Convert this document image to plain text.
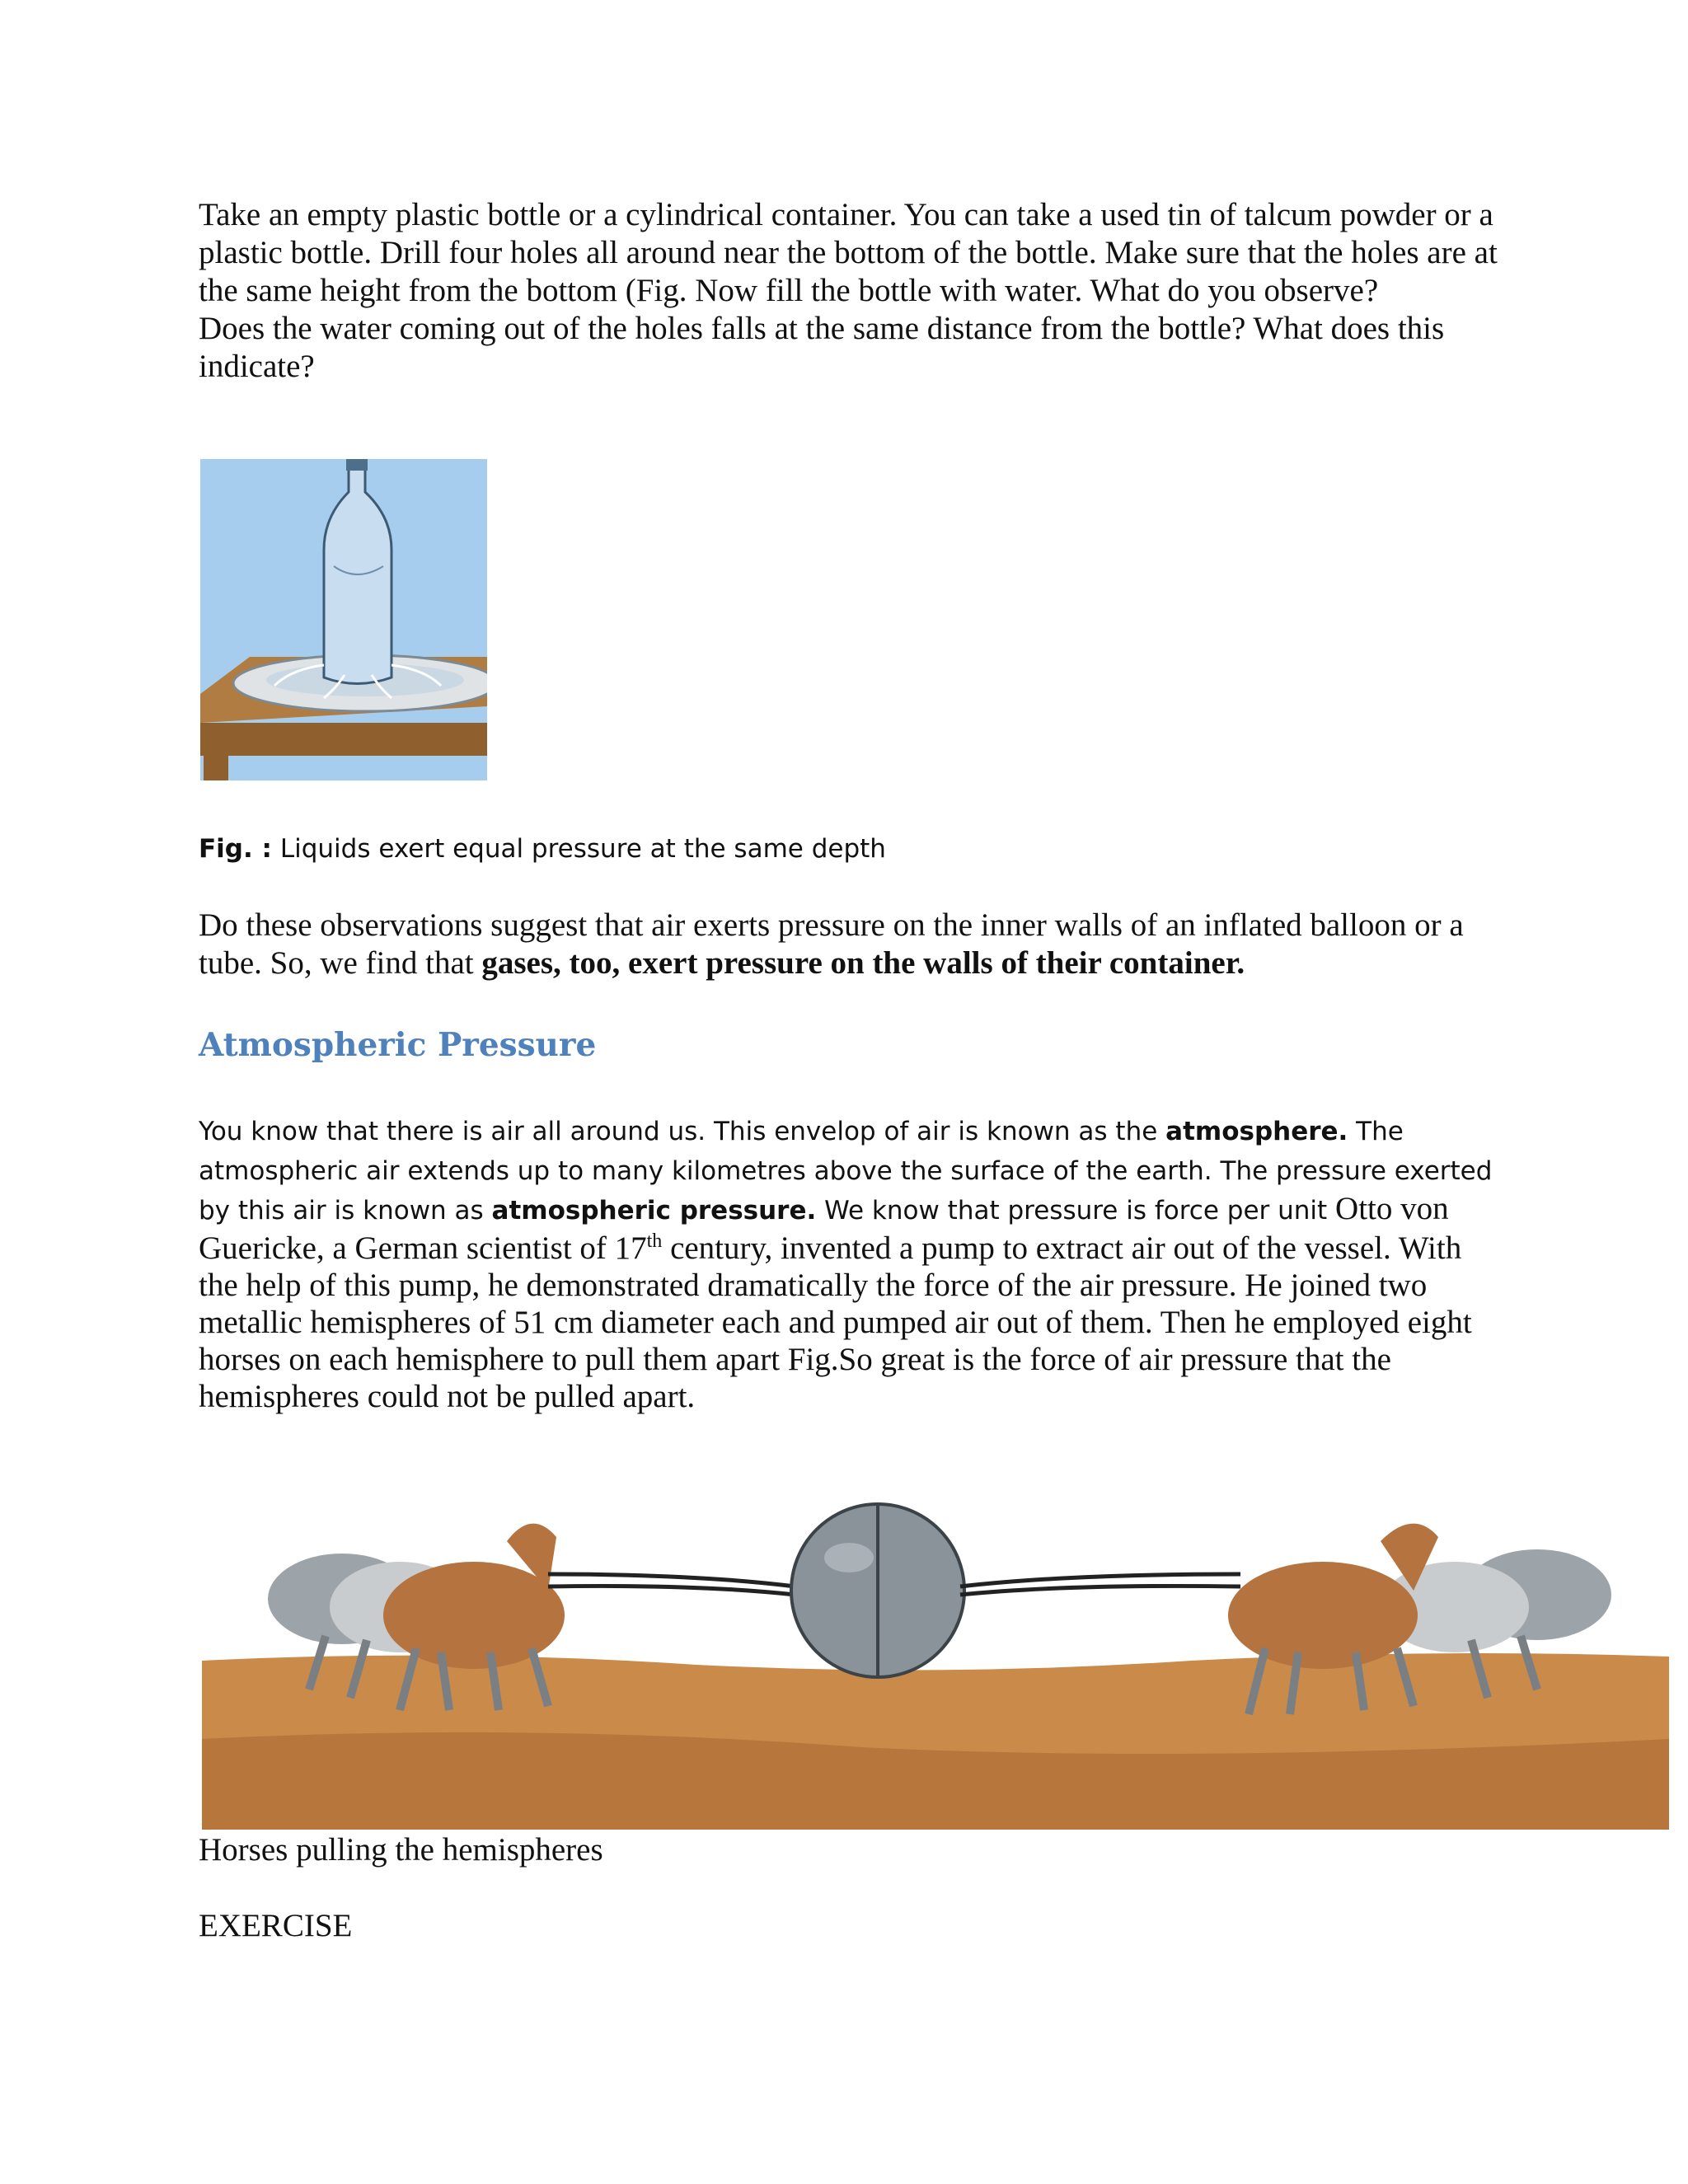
Take an empty plastic bottle or a cylindrical container. You can take a used tin of talcum powder or a plastic bottle. Drill four holes all around near the bottom of the bottle. Make sure that the holes are at the same height from the bottom (Fig. Now fill the bottle with water. What do you observe?
Does the water coming out of the holes falls at the same distance from the bottle? What does this indicate?

Fig. : Liquids exert equal pressure at the same depth

Do these observations suggest that air exerts pressure on the inner walls of an inflated balloon or a tube. So, we find that gases, too, exert pressure on the walls of their container.

Atmospheric Pressure

You know that there is air all around us. This envelop of air is known as the atmosphere. The atmospheric air extends up to many kilometres above the surface of the earth. The pressure exerted by this air is known as atmospheric pressure. We know that pressure is force per unit Otto von Guericke, a German scientist of 17th century, invented a pump to extract air out of the vessel. With the help of this pump, he demonstrated dramatically the force of the air pressure. He joined two metallic hemispheres of 51 cm diameter each and pumped air out of them. Then he employed eight horses on each hemisphere to pull them apart Fig.So great is the force of air pressure that the hemispheres could not be pulled apart.

Horses pulling the hemispheres

EXERCISE
